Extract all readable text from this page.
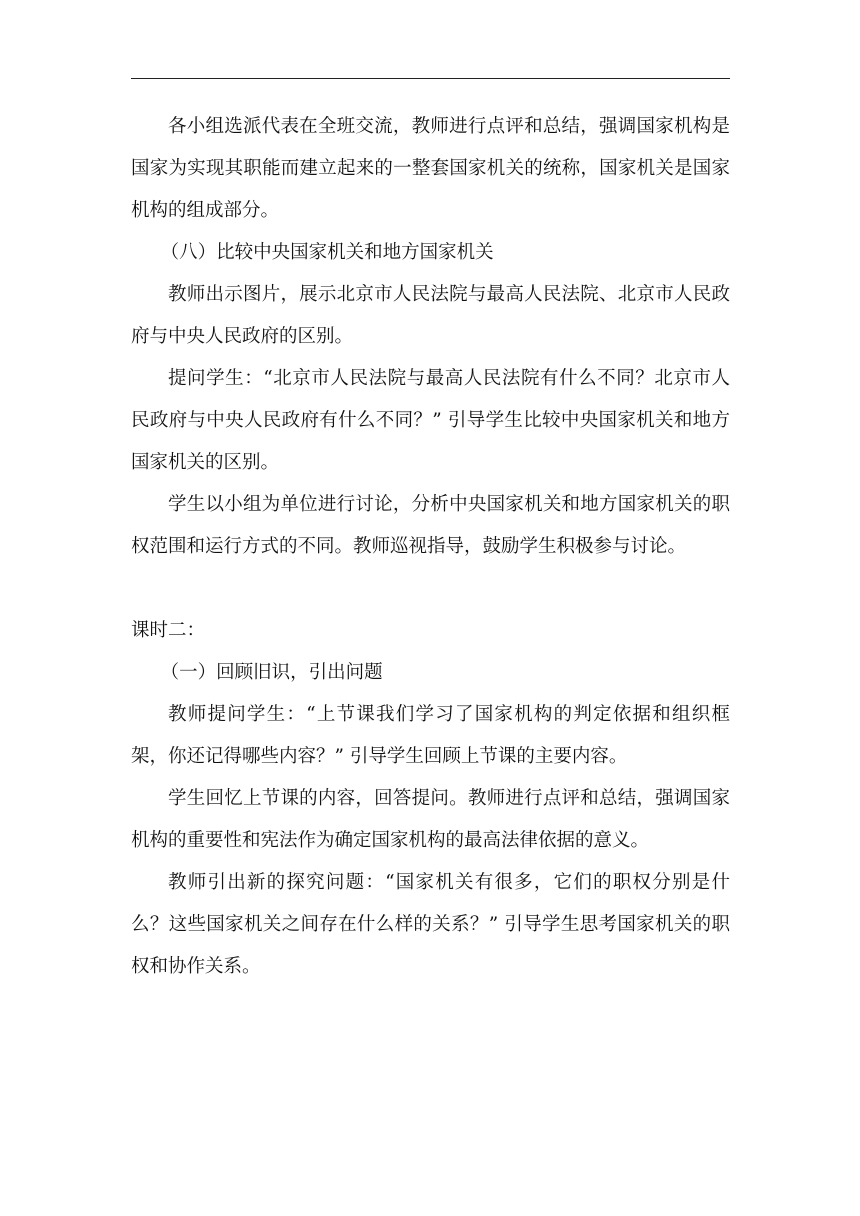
各小组选派代表在全班交流，教师进行点评和总结，强调国家机构是国家为实现其职能而建立起来的一整套国家机关的统称，国家机关是国家机构的组成部分。

（八）比较中央国家机关和地方国家机关

教师出示图片，展示北京市人民法院与最高人民法院、北京市人民政府与中央人民政府的区别。

提问学生：“北京市人民法院与最高人民法院有什么不同？北京市人民政府与中央人民政府有什么不同？” 引导学生比较中央国家机关和地方国家机关的区别。

学生以小组为单位进行讨论，分析中央国家机关和地方国家机关的职权范围和运行方式的不同。教师巡视指导，鼓励学生积极参与讨论。

课时二：

（一）回顾旧识，引出问题

教师提问学生：“上节课我们学习了国家机构的判定依据和组织框架，你还记得哪些内容？” 引导学生回顾上节课的主要内容。

学生回忆上节课的内容，回答提问。教师进行点评和总结，强调国家机构的重要性和宪法作为确定国家机构的最高法律依据的意义。

教师引出新的探究问题：“国家机关有很多，它们的职权分别是什么？这些国家机关之间存在什么样的关系？” 引导学生思考国家机关的职权和协作关系。
